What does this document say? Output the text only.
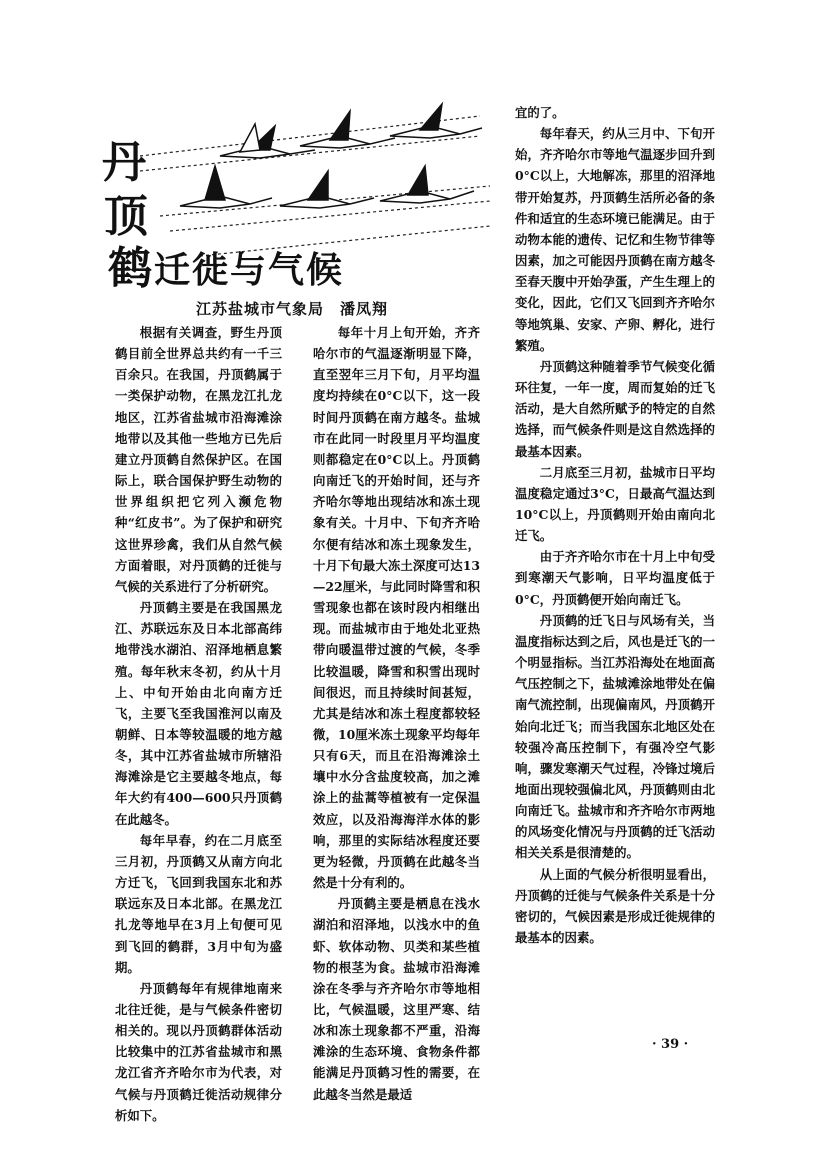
丹
顶
鹤 迁徙与气候
江苏盐城市气象局　潘凤翔

根据有关调查，野生丹顶鹤目前全世界总共约有一千三百余只。在我国，丹顶鹤属于一类保护动物，在黑龙江扎龙地区，江苏省盐城市沿海滩涂地带以及其他一些地方已先后建立丹顶鹤自然保护区。在国际上，联合国保护野生动物的世界组织把它列入濒危物种“红皮书”。为了保护和研究这世界珍禽，我们从自然气候方面着眼，对丹顶鹤的迁徙与气候的关系进行了分析研究。

丹顶鹤主要是在我国黑龙江、苏联远东及日本北部高纬地带浅水湖泊、沼泽地栖息繁殖。每年秋末冬初，约从十月上、中旬开始由北向南方迁飞，主要飞至我国淮河以南及朝鲜、日本等较温暖的地方越冬，其中江苏省盐城市所辖沿海滩涂是它主要越冬地点，每年大约有400—600只丹顶鹤在此越冬。

每年早春，约在二月底至三月初，丹顶鹤又从南方向北方迁飞，飞回到我国东北和苏联远东及日本北部。在黑龙江扎龙等地早在3月上旬便可见到飞回的鹤群，3月中旬为盛期。

丹顶鹤每年有规律地南来北往迁徙，是与气候条件密切相关的。现以丹顶鹤群体活动比较集中的江苏省盐城市和黑龙江省齐齐哈尔市为代表，对气候与丹顶鹤迁徙活动规律分析如下。

每年十月上旬开始，齐齐哈尔市的气温逐渐明显下降，直至翌年三月下旬，月平均温度均持续在0°C以下，这一段时间丹顶鹤在南方越冬。盐城市在此同一时段里月平均温度则都稳定在0°C以上。丹顶鹤向南迁飞的开始时间，还与齐齐哈尔等地出现结冰和冻土现象有关。十月中、下旬齐齐哈尔便有结冰和冻土现象发生，十月下旬最大冻土深度可达13—22厘米，与此同时降雪和积雪现象也都在该时段内相继出现。而盐城市由于地处北亚热带向暖温带过渡的气候，冬季比较温暖，降雪和积雪出现时间很迟，而且持续时间甚短，尤其是结冰和冻土程度都较轻微，10厘米冻土现象平均每年只有6天，而且在沿海滩涂土壤中水分含盐度较高，加之滩涂上的盐蒿等植被有一定保温效应，以及沿海海洋水体的影响，那里的实际结冰程度还要更为轻微，丹顶鹤在此越冬当然是十分有利的。

丹顶鹤主要是栖息在浅水湖泊和沼泽地，以浅水中的鱼虾、软体动物、贝类和某些植物的根茎为食。盐城市沿海滩涂在冬季与齐齐哈尔市等地相比，气候温暖，这里严寒、结冰和冻土现象都不严重，沿海滩涂的生态环境、食物条件都能满足丹顶鹤习性的需要，在此越冬当然是最适

宜的了。

每年春天，约从三月中、下旬开始，齐齐哈尔市等地气温逐步回升到0°C以上，大地解冻，那里的沼泽地带开始复苏，丹顶鹤生活所必备的条件和适宜的生态环境已能满足。由于动物本能的遗传、记忆和生物节律等因素，加之可能因丹顶鹤在南方越冬至春天腹中开始孕蛋，产生生理上的变化，因此，它们又飞回到齐齐哈尔等地筑巢、安家、产卵、孵化，进行繁殖。

丹顶鹤这种随着季节气候变化循环往复，一年一度，周而复始的迁飞活动，是大自然所赋予的特定的自然选择，而气候条件则是这自然选择的最基本因素。

二月底至三月初，盐城市日平均温度稳定通过3°C，日最高气温达到10°C以上，丹顶鹤则开始由南向北迁飞。

由于齐齐哈尔市在十月上中旬受到寒潮天气影响，日平均温度低于0°C，丹顶鹤便开始向南迁飞。

丹顶鹤的迁飞日与风场有关，当温度指标达到之后，风也是迁飞的一个明显指标。当江苏沿海处在地面高气压控制之下，盐城滩涂地带处在偏南气流控制，出现偏南风，丹顶鹤开始向北迁飞；而当我国东北地区处在较强冷高压控制下，有强冷空气影响，骤发寒潮天气过程，冷锋过境后地面出现较强偏北风，丹顶鹤则由北向南迁飞。盐城市和齐齐哈尔市两地的风场变化情况与丹顶鹤的迁飞活动相关关系是很清楚的。

从上面的气候分析很明显看出，丹顶鹤的迁徙与气候条件关系是十分密切的，气候因素是形成迁徙规律的最基本的因素。

· 39 ·
